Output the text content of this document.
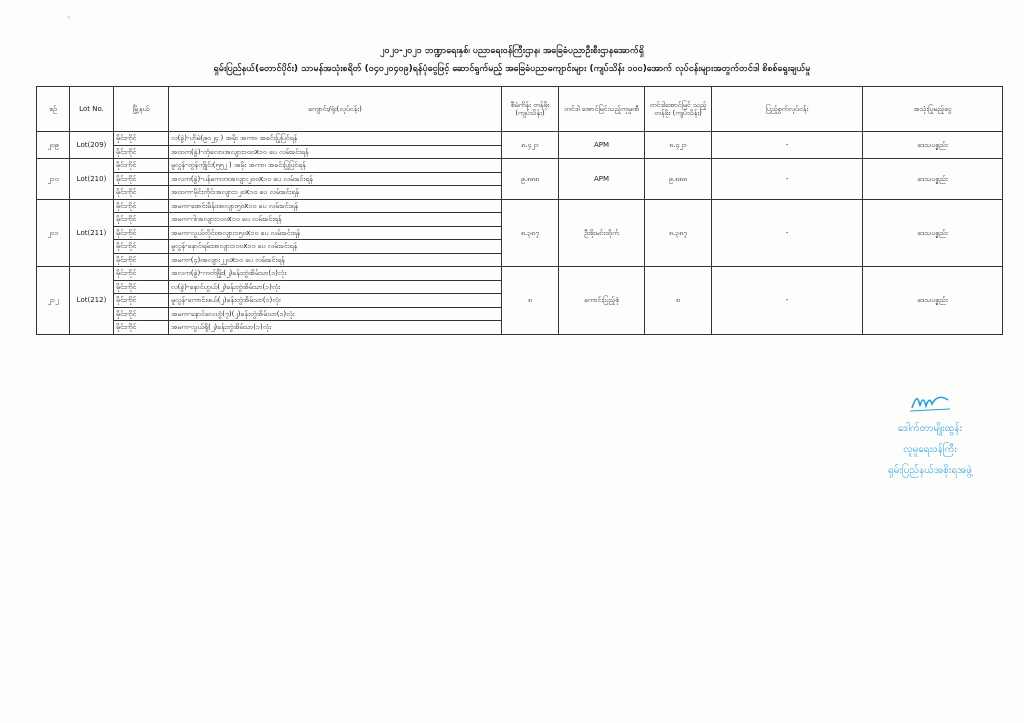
◦
၂၀၂၀-၂၀၂၁ ဘဏ္ဍာရေးနှစ်၊ ပညာရေးဝန်ကြီးဌာန၊ အခြေခံပညာဦးစီးဌာနအောက်ရှိ
ရှမ်းပြည်နယ်(တောင်ပိုင်း) သာမန်အသုံးစရိတ် (၀၄၀၂၀၄၀၉)ရန်ပုံငွေဖြင့် ဆောင်ရွက်မည့် အခြေခံပညာကျောင်းများ (ကျပ်သိန်း ၁၀၀)အောက် လုပ်ငန်းများအတွက်တင်ဒါ စိစစ်ရွေးချယ်မှု
စဉ်	Lot No.	မြို့နယ်	ကျောင်း/ရုံး(လုပ်ငန်း)	စီမံကိန်း တန်ဖိုး (ကျပ်သိန်း)	တင်ဒါ အောင်မြင်သည့်ကုမ္ပဏီ	တင်ဒါအောင်မြင် သည့်တန်ဖိုး (ကျပ်သိန်း)	ပြည့်စွက်လုပ်ငန်း	အသုံးပြုမည့်ငွေ
၂၀၉	Lot(209)	မိုင်းကိုင်	လ(ခွဲ)-ဟိုမဲ(၉၀၂၄ ) အမိုး အကာ၊ အခင်းပြုပြင်ရန်	၈.၄၂၁	APM	၈.၄၂၁	-	ဒေသပစ္စည်း
		မိုင်းကိုင်	အထက(ခွဲ)-တုံလော၊အလျား၁၀၀x၁၀ ပေ လမ်းခင်းရန်					
၂၁၀	Lot(210)	မိုင်းကိုင်	မူလွန်-တွန်ကျိုင်း(၅၅၂ ) အမိုး အကာ၊ အခင်းပြုပြင်ရန်	၉.၈၈၈	APM	၉.၈၈၈	-	ဒေသပစ္စည်း
		မိုင်းကိုင်	အလက(ခွဲ)-ပန်ကေတ၊အလျား၂၀၀x၁၀ ပေ လမ်းခင်းရန်					
		မိုင်းကိုင်	အထက-မိုင်းကိုင်၊အလျား၁၂၀x၁၀ ပေ လမ်းခင်းရန်					
၂၁၁	Lot(211)	မိုင်းကိုင်	အမက-ဖောင်းမိန်း၊အလျား၅၀x၁၀ ပေ လမ်းခင်းရန်	၈.၃၈၇	ဦးစိုးမင်းထိုက်	၈.၃၈၇	-	ဒေသပစ္စည်း
		မိုင်းကိုင်	အမက-ဂါ၊အလျား၁၀၀x၁၀ ပေ လမ်းခင်းရန်					
		မိုင်းကိုင်	အမက-လွယ်လိုင်၊အလျား၁၅၀x၁၀ ပေ လမ်းခင်းရန်					
		မိုင်းကိုင်	မူလွန်-နောင်ရမ်း၊အလျား၁၀၀x၁၀ ပေ လမ်းခင်းရန်					
		မိုင်းကိုင်	အမက-(၄)၊အလျား၂၂၀x၁၀ ပေ လမ်းခင်းရန်					
၂၁၂	Lot(212)	မိုင်းကိုင်	အလက(ခွဲ)-ကတ်ဖြိုး(၂)ခန်းတွဲအိမ်သာ(၁)လုံး	၈	ကောင်းပြည့်စုံ	၈	-	ဒေသပစ္စည်း
		မိုင်းကိုင်	လ(ခွဲ)-နောင်ဟွယ်(၂)ခန်းတွဲအိမ်သာ(၁)လုံး					
		မိုင်းကိုင်	မူလွန်-ကောင်းဖယ်(၂)ခန်းတွဲအိမ်သာ(၁)လုံး					
		မိုင်းကိုင်	အမက-နောင်လေဟွံ(၇)(၂)ခန်းတွဲအိမ်သာ(၁)လုံး					
		မိုင်းကိုင်	အမက-လွယ်ရှိ(၂)ခန်းတွဲအိမ်သာ(၁)လုံး					
ဒေါက်တာမျိုးထွန်း
လူမှုရေးဝန်ကြီး
ရှမ်းပြည်နယ်အစိုးရအဖွဲ့
